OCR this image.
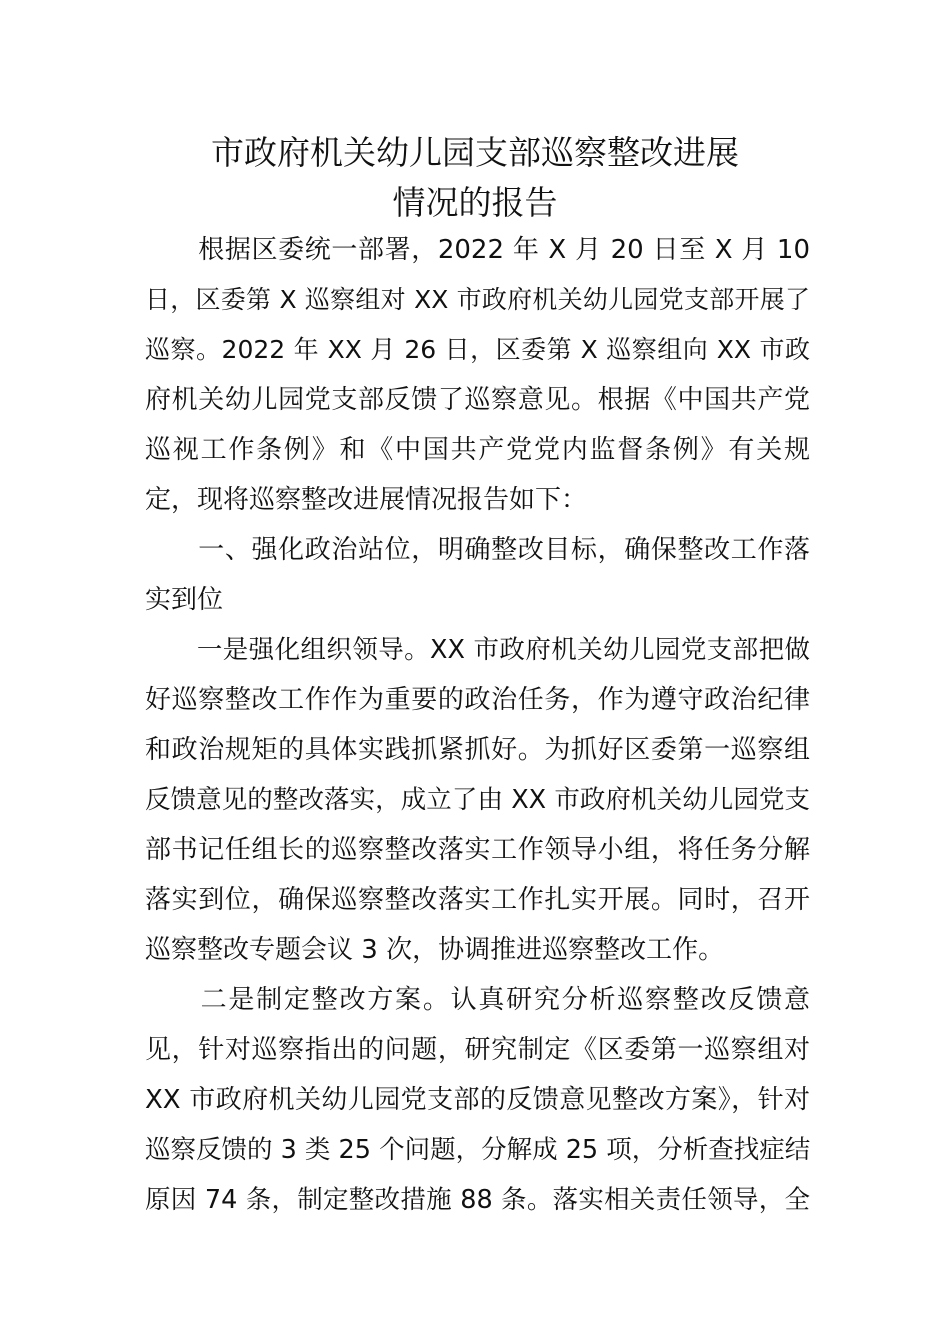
市政府机关幼儿园支部巡察整改进展
情况的报告
　　根据区委统一部署，2022 年 X 月 20 日至 X 月 10
日，区委第 X 巡察组对 XX 市政府机关幼儿园党支部开展了
巡察。2022 年 XX 月 26 日，区委第 X 巡察组向 XX 市政
府机关幼儿园党支部反馈了巡察意见。根据《中国共产党
巡视工作条例》和《中国共产党党内监督条例》有关规
定，现将巡察整改进展情况报告如下：
　　一、强化政治站位，明确整改目标，确保整改工作落
实到位
　　一是强化组织领导。XX 市政府机关幼儿园党支部把做
好巡察整改工作作为重要的政治任务，作为遵守政治纪律
和政治规矩的具体实践抓紧抓好。为抓好区委第一巡察组
反馈意见的整改落实，成立了由 XX 市政府机关幼儿园党支
部书记任组长的巡察整改落实工作领导小组，将任务分解
落实到位，确保巡察整改落实工作扎实开展。同时，召开
巡察整改专题会议 3 次，协调推进巡察整改工作。
　　二是制定整改方案。认真研究分析巡察整改反馈意
见，针对巡察指出的问题，研究制定《区委第一巡察组对
XX 市政府机关幼儿园党支部的反馈意见整改方案》，针对
巡察反馈的 3 类 25 个问题，分解成 25 项，分析查找症结
原因 74 条，制定整改措施 88 条。落实相关责任领导，全
